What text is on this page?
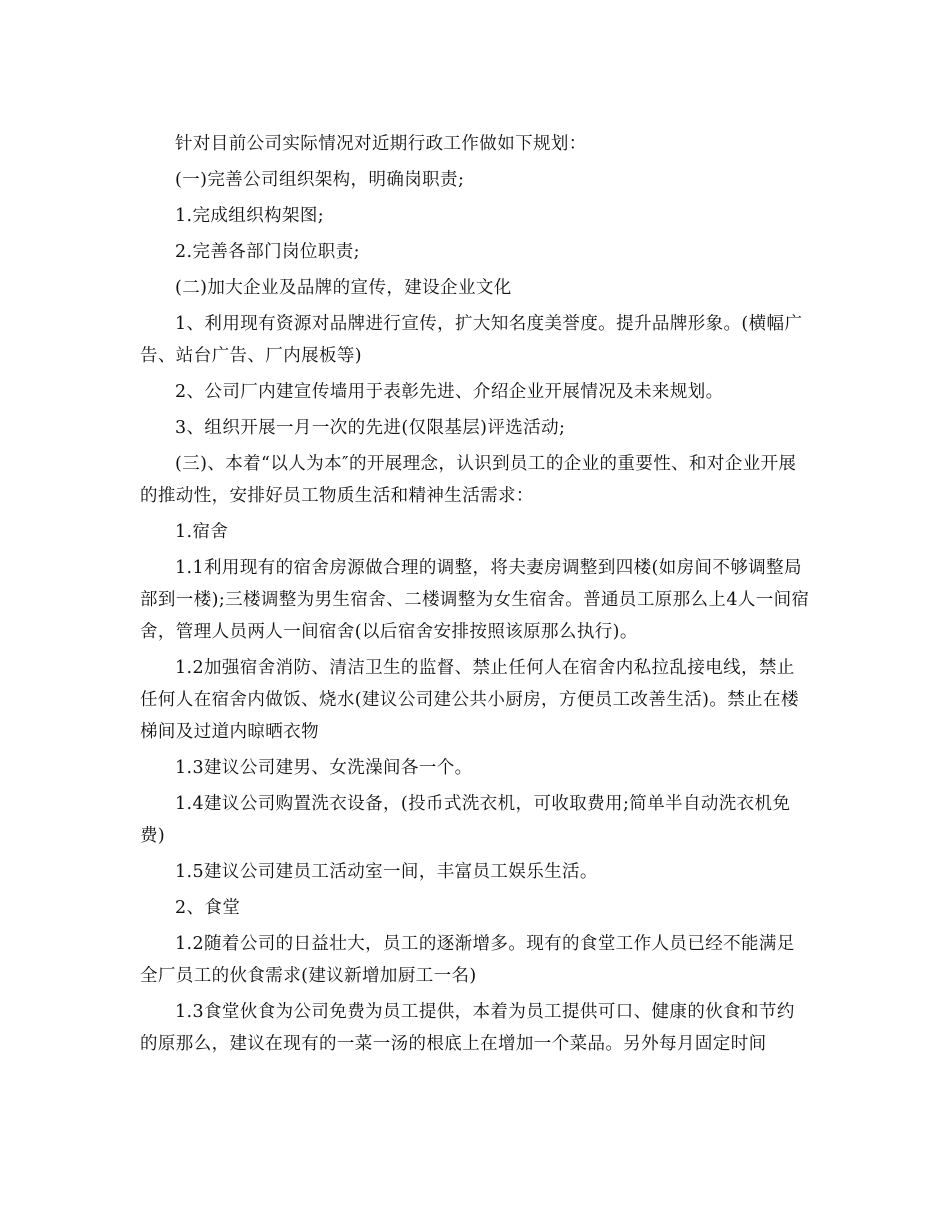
针对目前公司实际情况对近期行政工作做如下规划：

(一)完善公司组织架构，明确岗职责;

1.完成组织构架图;

2.完善各部门岗位职责;

(二)加大企业及品牌的宣传，建设企业文化

1、利用现有资源对品牌进行宣传，扩大知名度美誉度。提升品牌形象。(横幅广告、站台广告、厂内展板等)

2、公司厂内建宣传墙用于表彰先进、介绍企业开展情况及未来规划。

3、组织开展一月一次的先进(仅限基层)评选活动;

(三)、本着“以人为本″的开展理念，认识到员工的企业的重要性、和对企业开展的推动性，安排好员工物质生活和精神生活需求：

1.宿舍

1.1利用现有的宿舍房源做合理的调整，将夫妻房调整到四楼(如房间不够调整局部到一楼);三楼调整为男生宿舍、二楼调整为女生宿舍。普通员工原那么上4人一间宿舍，管理人员两人一间宿舍(以后宿舍安排按照该原那么执行)。

1.2加强宿舍消防、清洁卫生的监督、禁止任何人在宿舍内私拉乱接电线，禁止任何人在宿舍内做饭、烧水(建议公司建公共小厨房，方便员工改善生活)。禁止在楼梯间及过道内晾晒衣物

1.3建议公司建男、女洗澡间各一个。

1.4建议公司购置洗衣设备，(投币式洗衣机，可收取费用;简单半自动洗衣机免费)

1.5建议公司建员工活动室一间，丰富员工娱乐生活。

2、食堂

1.2随着公司的日益壮大，员工的逐渐增多。现有的食堂工作人员已经不能满足全厂员工的伙食需求(建议新增加厨工一名)

1.3食堂伙食为公司免费为员工提供，本着为员工提供可口、健康的伙食和节约的原那么，建议在现有的一菜一汤的根底上在增加一个菜品。另外每月固定时间
